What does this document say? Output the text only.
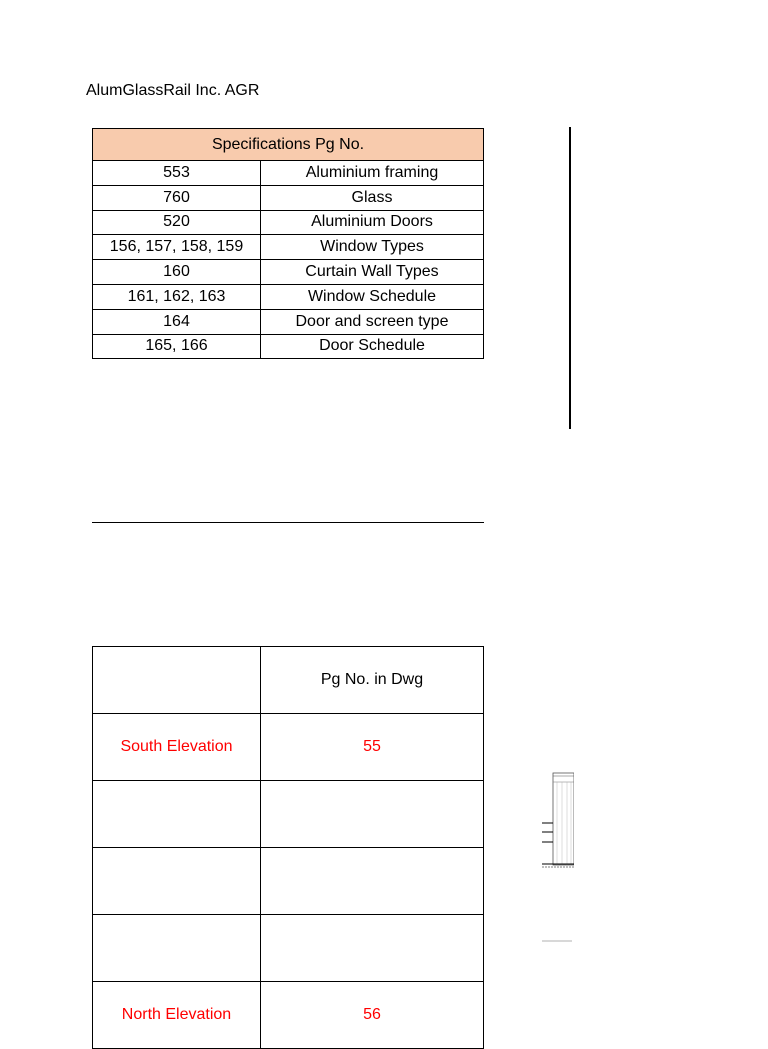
AlumGlassRail Inc. AGR
Specifications Pg No.	
553	Aluminium framing
760	Glass
520	Aluminium Doors
156, 157, 158, 159	Window Types
160	Curtain Wall Types
161, 162, 163	Window Schedule
164	Door and screen type
165, 166	Door Schedule
	Pg No. in Dwg
South Elevation	55

North Elevation	56
